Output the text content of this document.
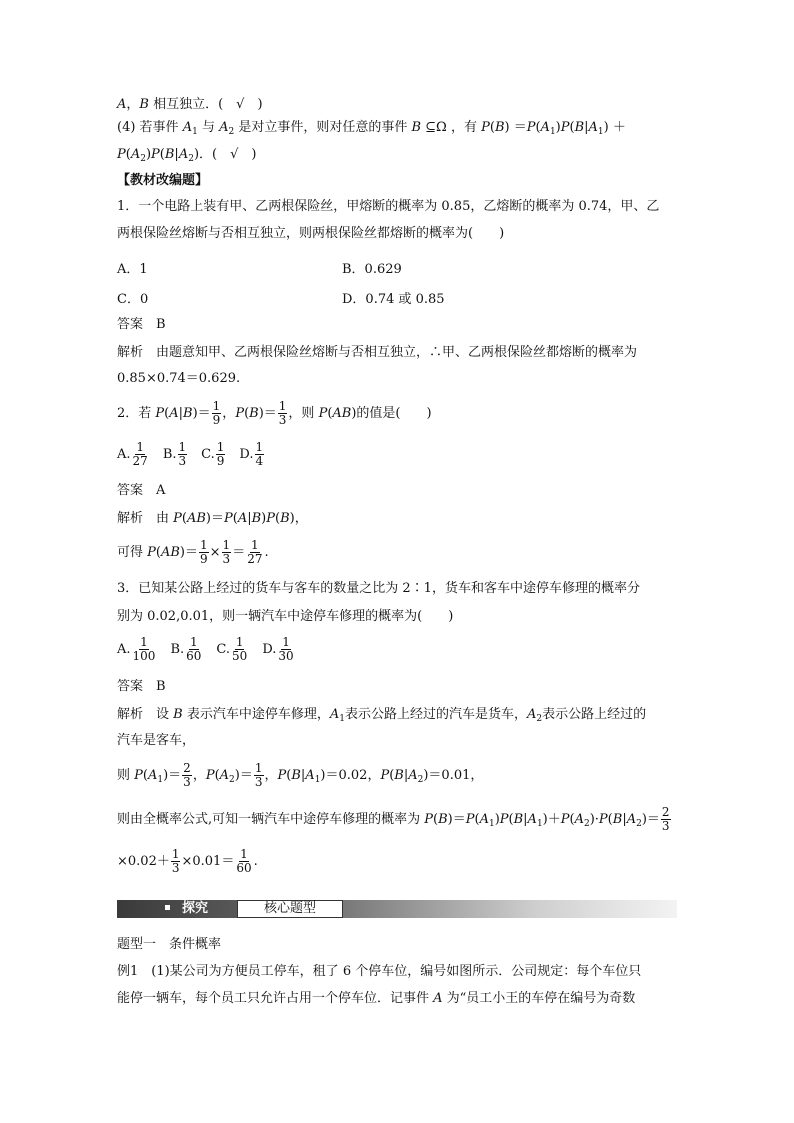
A，B 相互独立．(　√　)
(4) 若事件 $A_1$ 与 $A_2$ 是对立事件，则对任意的事件 B ⊆Ω ，有 $P(B) =P(A_1)P(B|A_1)$ ＋
$P(A_2)P(B|A_2)$．(　√　)
【教材改编题】
1．一个电路上装有甲、乙两根保险丝，甲熔断的概率为 0.85，乙熔断的概率为 0.74，甲、乙
两根保险丝熔断与否相互独立，则两根保险丝都熔断的概率为(　　)
A．1	B．0.629
C．0	D．0.74 或 0.85
答案　B
解析　由题意知甲、乙两根保险丝熔断与否相互独立，∴甲、乙两根保险丝都熔断的概率为
0.85×0.74＝0.629.
2．若 $P(A|B)= \frac{1}{9}$ ，$P(B)= \frac{1}{3}$ ，则 P(AB)的值是(　　)
A. $\frac{1}{27}$ 　B. $\frac{1}{3}$ 　C. $\frac{1}{9}$ 　D. $\frac{1}{4}$
答案　A
解析　由 P(AB)＝P(A|B)P(B)，
可得 $P(AB)= \frac{1}{9} \times \frac{1}{3} = \frac{1}{27}$ .
3．已知某公路上经过的货车与客车的数量之比为 2∶1，货车和客车中途停车修理的概率分
别为 0.02,0.01，则一辆汽车中途停车修理的概率为(　　)
A. $\frac{1}{100}$ 　B. $\frac{1}{60}$ 　C. $\frac{1}{50}$ 　D. $\frac{1}{30}$
答案　B
解析　设 B 表示汽车中途停车修理，$A_1$表示公路上经过的汽车是货车，$A_2$表示公路上经过的
汽车是客车，
则 $P(A_1)= \frac{2}{3}$ ，$P(A_2)= \frac{1}{3}$ ，$P(B|A_1)=0.02$，$P(B|A_2)=0.01$，
则由全概率公式,可知一辆汽车中途停车修理的概率为 $P(B)=P(A_1)P(B|A_1)+P(A_2)\cdot P(B|A_2)= \frac{2}{3}$
$\times 0.02+ \frac{1}{3} \times 0.01= \frac{1}{60}$ .
探究	核心题型
题型一　条件概率
例1　(1)某公司为方便员工停车，租了 6 个停车位，编号如图所示．公司规定：每个车位只
能停一辆车，每个员工只允许占用一个停车位．记事件 A 为“员工小王的车停在编号为奇数
